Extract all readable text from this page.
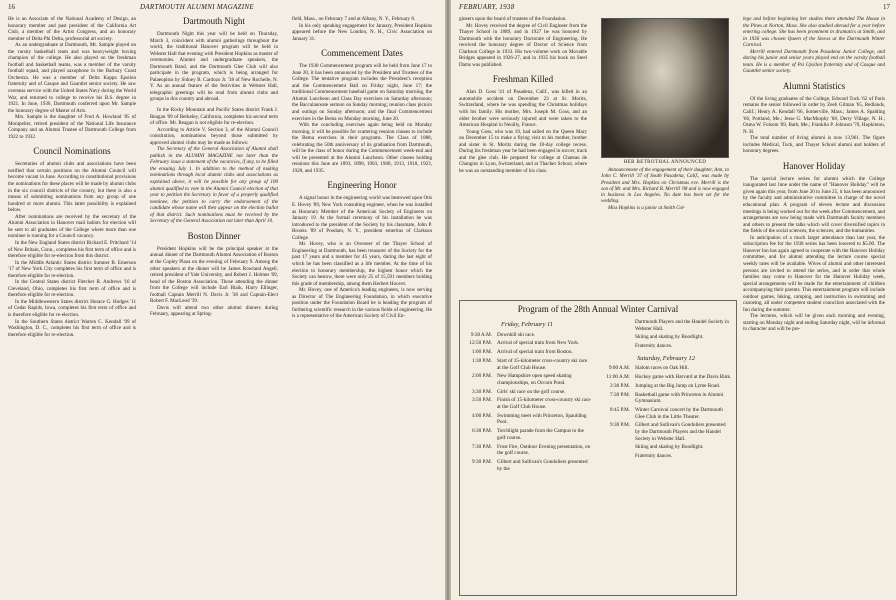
16	DARTMOUTH ALUMNI MAGAZINE

He is an Associate of the National Academy of Design, an honorary member and past president of the California Art Club, a member of the Artist Congress, and an honorary member of Delta Phi Delta, professorial art society.

As an undergraduate at Dartmouth, Mr. Sample played on the varsity basketball team and was heavyweight boxing champion of the college. He also played on the freshman football and basketball teams, was a member of the varsity football squad, and played saxophone in the Barbary Coast Orchestra. He was a member of Delta Kappa Epsilon fraternity and of Casque and Gauntlet senior society. He saw overseas service with the United States Navy during the World War, and returned to college to receive his B.S. degree in 1921. In June, 1936, Dartmouth conferred upon Mr. Sample the honorary degree of Master of Arts.

Mrs. Sample is the daughter of Fred A. Howland '85 of Montpelier, retired president of the National Life Insurance Company and an Alumni Trustee of Dartmouth College from 1922 to 1932.

Council Nominations

Secretaries of alumni clubs and associations have been notified that certain positions on the Alumni Council will become vacant in June. According to constitutional provisions the nominations for these places will be made by alumni clubs in the six council districts of the country, but there is also a means of submitting nominations from any group of one hundred or more alumni. This latter possibility is explained below.

After nominations are received by the secretary of the Alumni Association in Hanover mail ballots for election will be sent to all graduates of the College where more than one nominee is running for a Council vacancy.

In the New England States district Richard E. Pritchard '14 of New Britain, Conn., completes his first term of office and is therefore eligible for re-election from this district.

In the Middle Atlantic States district Sumner B. Emerson '17 of New York City completes his first term of office and is therefore eligible for re-election.

In the Central States district Fletcher R. Andrews '16 of Cleveland, Ohio, completes his first term of office and is therefore eligible for re-election.

In the Middlewestern States district Horace G. Hodges '11 of Cedar Rapids, Iowa, completes his first term of office and is therefore eligible for re-election.

In the Southern States district Warren C. Kendall '99 of Washington, D. C., completes his first term of office and is therefore eligible for re-election.

Dartmouth Night

Dartmouth Night this year will be held on Thursday, March 3, coincident with alumni gatherings throughout the world, the traditional Hanover program will be held in Webster Hall that evening with President Hopkins as master of ceremonies. Alumni and undergraduate speakers, the Dartmouth Band, and the Dartmouth Glee Club will also participate in the program, which is being arranged for Palaeopitus by Sidney B. Cardozo Jr. '38 of New Rochelle, N. Y. As an annual feature of the festivities in Webster Hall, telegraphic greetings will be read from alumni clubs and groups in this country and abroad.

In the Rocky Mountain and Pacific States district Frank J. Reagan '09 of Berkeley, California, completes his second term of office. Mr. Reagan is not eligible for re-election.

According to Article V, Section 3, of the Alumni Council constitution, nominations beyond those submitted by approved alumni clubs may be made as follows:

The Secretary of the General Association of Alumni shall publish in the ALUMNI MAGAZINE not later than the February issue a statement of the vacancies, if any, to be filled the ensuing July 1. In addition to the method of making nominations through local alumni clubs and associations as explained above, it will be possible for any group of 100 alumni qualified to vote in the Alumni Council election of that year to petition the Secretary in favor of a properly qualified nominee, the petition to carry the endorsement of the candidate whose name will then appear on the election ballot of that district. Such nominations must be received by the Secretary of the General Association not later than April 10.

Boston Dinner

President Hopkins will be the principal speaker at the annual dinner of the Dartmouth Alumni Association of Boston at the Copley Plaza on the evening of February 9. Among the other speakers at the dinner will be James Rowland Angell, retired president of Yale University, and Robert J. Holmes '09, head of the Boston Association. Those attending the dinner from the College will include Earl Blaik, Harry Ellinger, football Captain Merrill N. Davis Jr. '38 and Captain-Elect Robert F. MacLeod '39.

Davis will attend two other alumni dinners during February, appearing at Spring-

field, Mass., on February 7 and at Albany, N. Y., February 8.

In his only speaking engagement for January, President Hopkins appeared before the New London, N. H., Civic Association on January 31.

Commencement Dates

The 1938 Commencement program will be held from June 17 to June 20, it has been announced by the President and Trustees of the College. The tentative program includes the President's reception and the Commencement Ball on Friday night, June 17; the traditional Commencement baseball game on Saturday morning, the Alumni Luncheon and Class Day exercises on Saturday afternoon; the Baccalaureate sermon on Sunday morning; reunion class picnics and outings on Sunday afternoon; and the final Commencement exercises in the Bema on Monday morning, June 20.

With the concluding exercises again being held on Monday morning, it will be possible for scattering reunion classes to include the Bema exercises in their programs. The Class of 1888, celebrating the 50th anniversary of its graduation from Dartmouth, will be the class of honor during the Commencement week-end and will be presented at the Alumni Luncheon. Other classes holding reunions this June are 1893, 1898, 1903, 1908, 1913, 1918, 1923, 1928, and 1935.

Engineering Honor

A signal honor in the engineering world was bestowed upon Otis E. Hovey '89, New York consulting engineer, when he was installed as Honorary Member of the American Society of Engineers on January 19. At the formal ceremony of his installation he was introduced to the president of the Society by his classmate, John P. Brooks '89 of Poodam, N. Y., president emeritus of Clarkson College.

Mr. Hovey, who is an Overseer of the Thayer School of Engineering at Dartmouth, has been treasurer of the Society for the past 17 years and a member for 45 years, during the last eight of which he has been classified as a life member. At the time of his election to honorary membership, the highest honor which the Society can bestow, there were only 25 of 15,591 members holding this grade of membership, among them Herbert Hoover.

Mr. Hovey, one of America's leading engineers, is now serving as Director of The Engineering Foundation, in which executive position under the Foundation Board he is heading the program of furthering scientific research in the various fields of engineering. He is a representative of the American Society of Civil En-

FEBRUARY, 1938	17

gineers upon the board of trustees of the Foundation.

Mr. Hovey received the degree of Civil Engineer from the Thayer School in 1889, and in 1927 he was honored by Dartmouth with the honorary Doctorate of Engineering. He received the honorary degree of Doctor of Science from Clarkson College in 1933. His two-volume work on Movable Bridges appeared in 1926-27, and in 1935 his book on Steel Dams was published.

Freshman Killed

Alan D. Goss '41 of Pasadena, Calif., was killed in an automobile accident on December 23 at St. Moritz, Switzerland, where he was spending the Christmas holidays with his family. His mother, Mrs. Joseph M. Goss, and an older brother were seriously injured and were taken to the American Hospital in Neuilly, France.

Young Goss, who was 19, had sailed on the Queen Mary on December 15 to make a flying visit to his mother, brother and sister in St. Moritz during the 18-day college recess. During his freshman year he had been engaged in soccer, track and the glee club. He prepared for college at Chateau de Changins in Lyon, Switzerland, and at Thacher School, where he was an outstanding member of his class.

HER BETROTHAL ANNOUNCED
Announcement of the engagement of their daughter, Ann, to John C. Merrill '37 of South Pasadena, Calif., was made by President and Mrs. Hopkins on Christmas eve. Merrill is the son of Mr. and Mrs. Richard B. Merrill '08 and is now engaged in business in Los Angeles. No date has been set for the wedding.
Miss Hopkins is a junior at Smith Col-

lege and before beginning her studies there attended The House in the Pines at Norton, Mass. She also studied abroad for a year before entering college. She has been prominent in dramatics at Smith, and in 1936 was chosen Queen of the Snows at the Dartmouth Winter Carnival.

Merrill entered Dartmouth from Pasadena Junior College, and during his junior and senior years played end on the varsity football team. He is a member of Psi Upsilon fraternity and of Casque and Gauntlet senior society.

Alumni Statistics

Of the living graduates of the College, Edward Tuck '62 of Paris remains the senior followed in order by Zeeb Gilman '65, Redlands, Calif.; Henry A. Kendall '66, Somerville, Mass.; James A. Spalding '66, Portland, Me.; Jesse G. MacMurphy '68, Derry Village, N. H.; Osma W. Folsom '69, Bath, Me.; Franklin P. Johnson '70, Hopkinton, N. H.

The total number of living alumni is now 13,961. The figure includes Medical, Tuck, and Thayer School alumni and holders of honorary degrees.

Hanover Holiday

The special lecture series for alumni which the College inaugurated last June under the name of "Hanover Holiday" will be given again this year, from June 20 to June 25, it has been announced by the faculty and administrative committee in charge of the novel educational plan. A program of eleven lecture and discussion meetings is being worked out for the week after Commencement, and arrangements are now being made with Dartmouth faculty members and others to present the talks which will cover diversified topics in the fields of the social sciences, the sciences, and the humanities.

In anticipation of a much larger attendance than last year, the subscription fee for the 1938 series has been lowered to $5.00. The Hanover Inn has again agreed to cooperate with the Hanover Holiday committee, and for alumni attending the lecture course special weekly rates will be available. Wives of alumni and other interested persons are invited to attend the series, and in order that whole families may come to Hanover for the Hanover Holiday week, special arrangements will be made for the entertainment of children accompanying their parents. This entertainment program will include outdoor games, hiking, camping, and instruction in swimming and canoeing, all under competent student councilors associated with the Inn during the summer.

The lectures, which will be given each morning and evening, starting on Monday night and ending Saturday night, will be informal in character and will be pre-

Program of the 28th Annual Winter Carnival
Friday, February 11
9:30 A.M. Downhill ski race.
12:50 P.M. Arrival of special train from New York.
1:00 P.M. Arrival of special train from Boston.
1:30 P.M. Start of 15-kilometer cross-country ski race at the Golf Club House.
2:00 P.M. New Hampshire open speed skating championships, on Occom Pond.
3:30 P.M. Girls' ski race on the golf course.
3:50 P.M. Finish of 15-kilometer cross-country ski race at the Golf Club House.
4:00 P.M. Swimming meet with Princeton, Spaulding Pool.
6:30 P.M. Torchlight parade from the Campus to the golf course.
7:30 P.M. Frost Fire, Outdoor Evening presentation, on the golf course.
9:30 P.M. Gilbert and Sullivan's Gondoliers presented by the
Dartmouth Players and the Handel Society in Webster Hall.
Skiing and skating by Boodlight.
Fraternity dances.
Saturday, February 12
9:00 A.M. Slalom races on Oak Hill.
11:00 A.M. Hockey game with Harvard at the Davis Rink.
2:30 P.M. Jumping at the Big Jump on Lyme Road.
7:30 P.M. Basketball game with Princeton in Alumni Gymnasium.
8:45 P.M. Winter Carnival concert by the Dartmouth Glee Club in the Little Theater.
9:30 P.M. Gilbert and Sullivan's Gondoliers presented by the Dartmouth Players and the Handel Society in Webster Hall.
Skiing and skating by Boodlight.
Fraternity dances.
